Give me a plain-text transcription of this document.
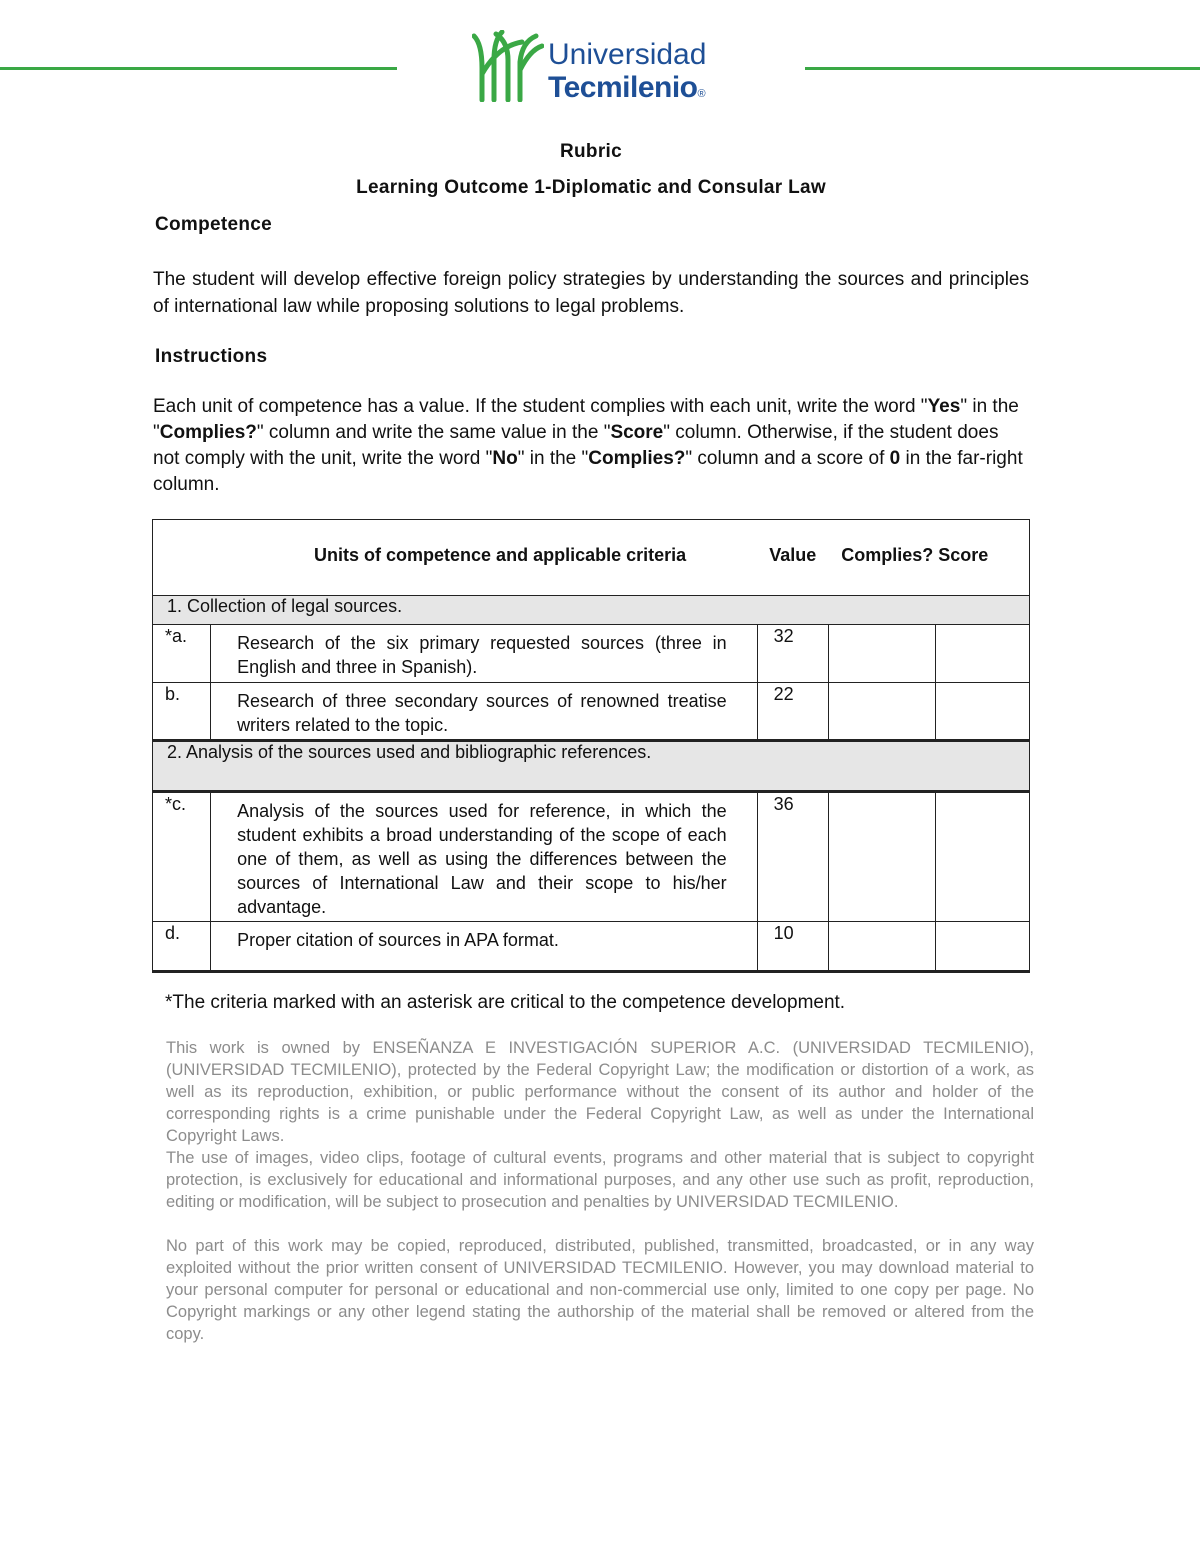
Universidad
Tecmilenio®
Rubric
Learning Outcome 1-Diplomatic and Consular Law
Competence
The student will develop effective foreign policy strategies by understanding the sources and principles of international law while proposing solutions to legal problems.
Instructions
Each unit of competence has a value. If the student complies with each unit, write the word "Yes" in the "Complies?" column and write the same value in the "Score" column. Otherwise, if the student does not comply with the unit, write the word "No" in the "Complies?" column and a score of 0 in the far-right column.
Units of competence and applicable criteria		Value	Complies? Score	

1. Collection of legal sources.				
*a.	Research of the six primary requested sources (three in English and three in Spanish).	32		
b.	Research of three secondary sources of renowned treatise writers related to the topic.	22		
2. Analysis of the sources used and bibliographic references.				
*c.	Analysis of the sources used for reference, in which the student exhibits a broad understanding of the scope of each one of them, as well as using the differences between the sources of International Law and their scope to his/her advantage.	36		
d.	Proper citation of sources in APA format.	10		
*The criteria marked with an asterisk are critical to the competence development.
This work is owned by ENSEÑANZA E INVESTIGACIÓN SUPERIOR A.C. (UNIVERSIDAD TECMILENIO), (UNIVERSIDAD TECMILENIO), protected by the Federal Copyright Law; the modification or distortion of a work, as well as its reproduction, exhibition, or public performance without the consent of its author and holder of the corresponding rights is a crime punishable under the Federal Copyright Law, as well as under the International Copyright Laws.
The use of images, video clips, footage of cultural events, programs and other material that is subject to copyright protection, is exclusively for educational and informational purposes, and any other use such as profit, reproduction, editing or modification, will be subject to prosecution and penalties by UNIVERSIDAD TECMILENIO.
No part of this work may be copied, reproduced, distributed, published, transmitted, broadcasted, or in any way exploited without the prior written consent of UNIVERSIDAD TECMILENIO. However, you may download material to your personal computer for personal or educational and non-commercial use only, limited to one copy per page. No Copyright markings or any other legend stating the authorship of the material shall be removed or altered from the copy.
